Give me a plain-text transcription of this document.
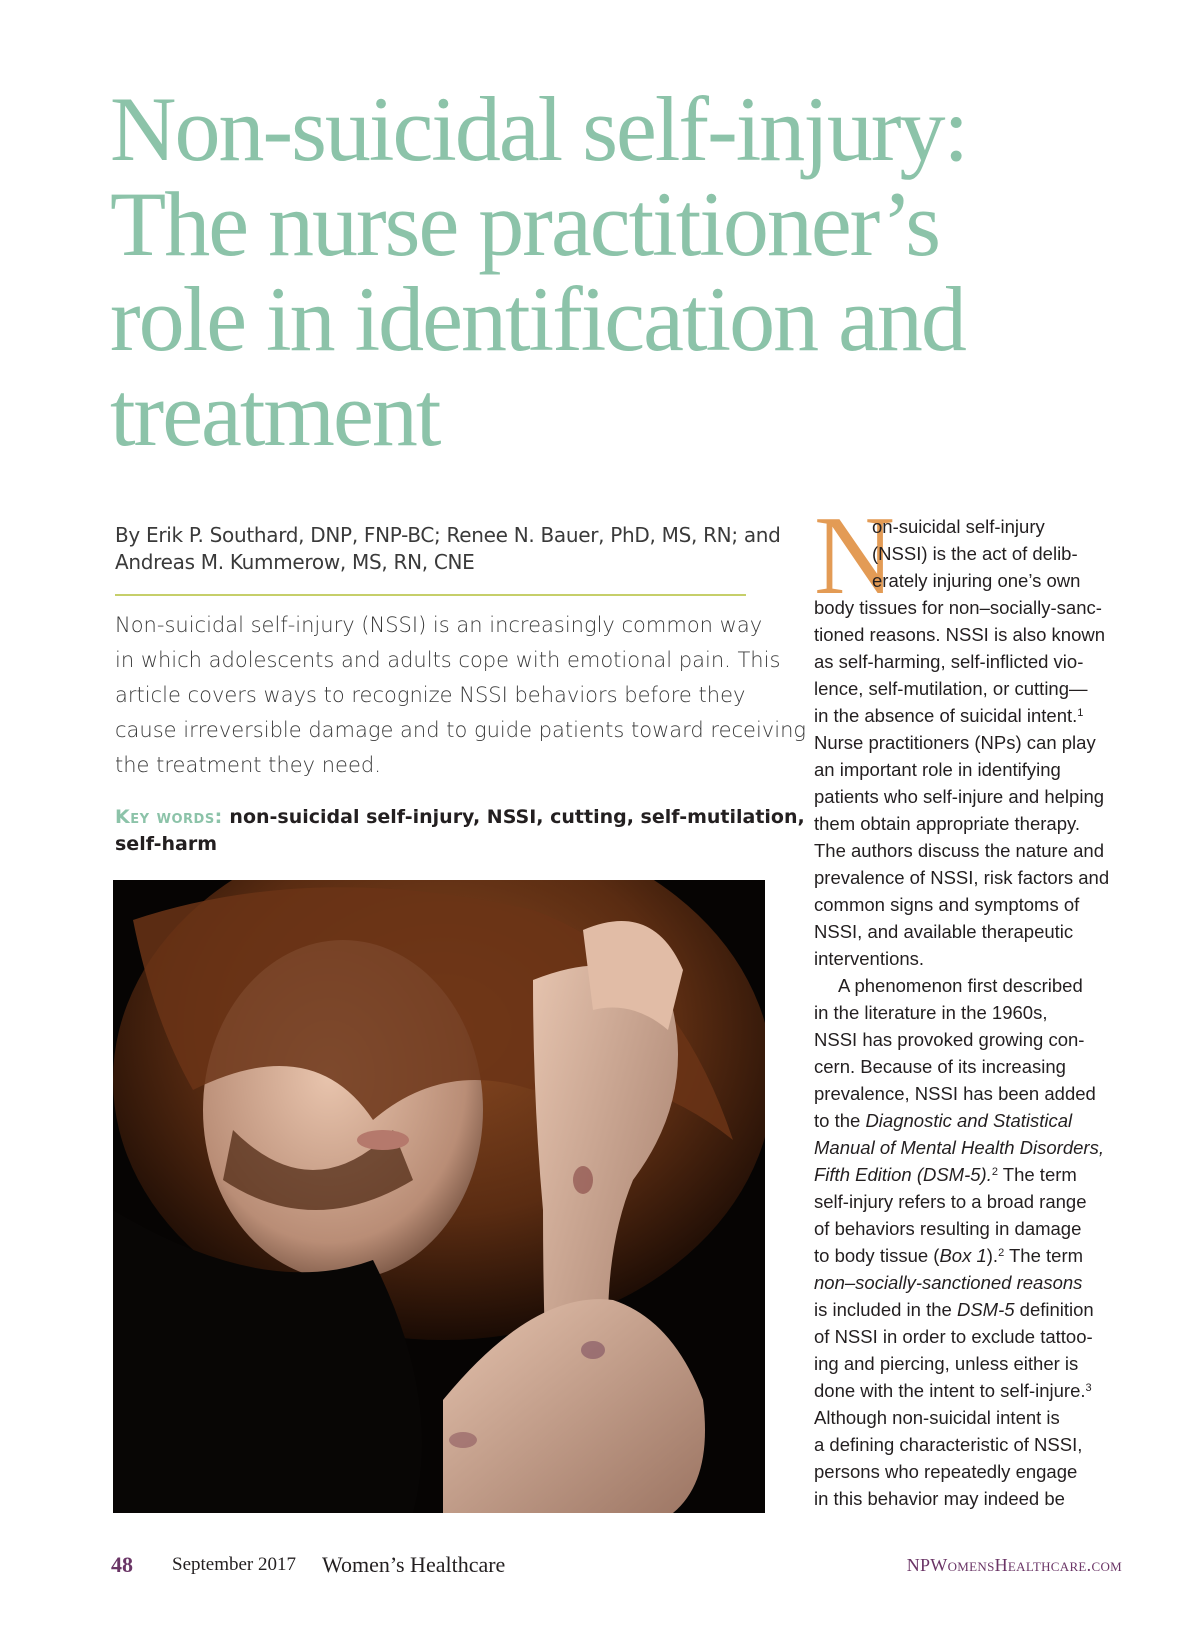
Non-suicidal self-injury:
The nurse practitioner’s
role in identification and
treatment
By Erik P. Southard, DNP, FNP-BC; Renee N. Bauer, PhD, MS, RN; and
Andreas M. Kummerow, MS, RN, CNE
Non-suicidal self-injury (NSSI) is an increasingly common way
in which adolescents and adults cope with emotional pain. This
article covers ways to recognize NSSI behaviors before they
cause irreversible damage and to guide patients toward receiving
the treatment they need.
Key words: non-suicidal self-injury, NSSI, cutting, self-mutilation,
self-harm
N
on-suicidal self-injury
(NSSI) is the act of delib-
erately injuring one’s own
body tissues for non–socially-sanc-
tioned reasons. NSSI is also known
as self-harming, self-inflicted vio-
lence, self-mutilation, or cutting—
in the absence of suicidal intent.$^1$
Nurse practitioners (NPs) can play
an important role in identifying
patients who self-injure and helping
them obtain appropriate therapy.
The authors discuss the nature and
prevalence of NSSI, risk factors and
common signs and symptoms of
NSSI, and available therapeutic
interventions.
A phenomenon first described
in the literature in the 1960s,
NSSI has provoked growing con-
cern. Because of its increasing
prevalence, NSSI has been added
to the Diagnostic and Statistical
Manual of Mental Health Disorders,
Fifth Edition (DSM-5).$^2$ The term
self-injury refers to a broad range
of behaviors resulting in damage
to body tissue (Box 1).$^2$ The term
non–socially-sanctioned reasons
is included in the DSM-5 definition
of NSSI in order to exclude tattoo-
ing and piercing, unless either is
done with the intent to self-injure.$^3$
Although non-suicidal intent is
a defining characteristic of NSSI,
persons who repeatedly engage
in this behavior may indeed be
48 September 2017 Women’s Healthcare	NPWomensHealthcare.com
